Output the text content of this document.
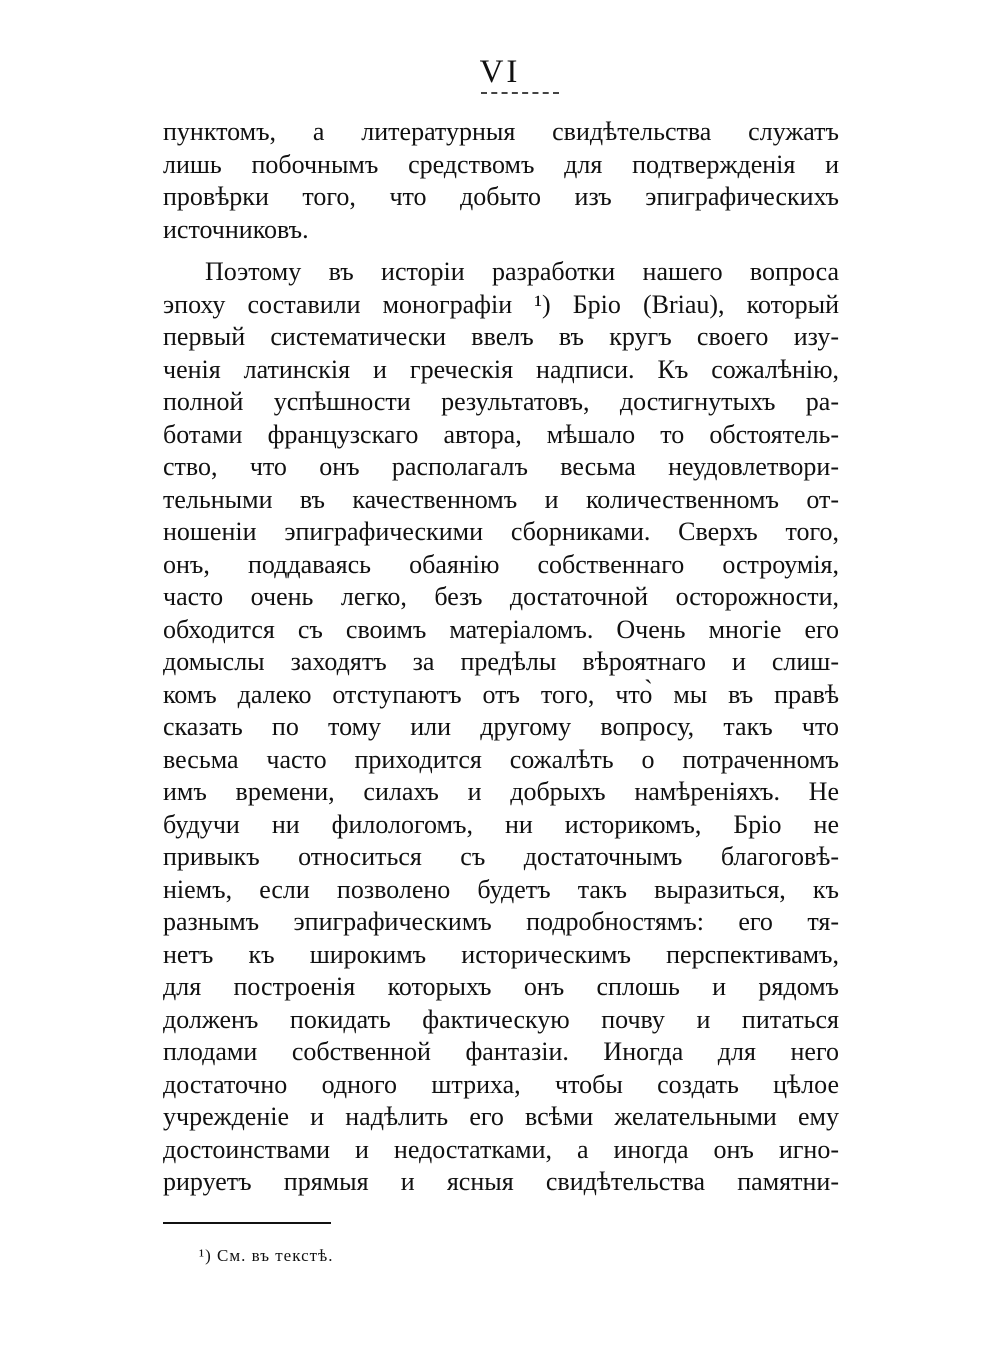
VI
пунктомъ, а литературныя свидѣтельства служатъ
лишь побочнымъ средствомъ для подтвержденія и
провѣрки того, что добыто изъ эпиграфическихъ
источниковъ.
Поэтому въ исторіи разработки нашего вопроса
эпоху составили монографіи ¹) Бріо (Briau), который
первый систематически ввелъ въ кругъ своего изу-
ченія латинскія и греческія надписи. Къ сожалѣнію,
полной успѣшности результатовъ, достигнутыхъ ра-
ботами французскаго автора, мѣшало то обстоятель-
ство, что онъ располагалъ весьма неудовлетвори-
тельными въ качественномъ и количественномъ от-
ношеніи эпиграфическими сборниками. Сверхъ того,
онъ, поддаваясь обаянію собственнаго остроумія,
часто очень легко, безъ достаточной осторожности,
обходится съ своимъ матеріаломъ. Очень многіе его
домыслы заходятъ за предѣлы вѣроятнаго и слиш-
комъ далеко отступаютъ отъ того, что̀ мы въ правѣ
сказать по тому или другому вопросу, такъ что
весьма часто приходится сожалѣть о потраченномъ
имъ времени, силахъ и добрыхъ намѣреніяхъ. Не
будучи ни филологомъ, ни историкомъ, Бріо не
привыкъ относиться съ достаточнымъ благоговѣ-
ніемъ, если позволено будетъ такъ выразиться, къ
разнымъ эпиграфическимъ подробностямъ: его тя-
нетъ къ широкимъ историческимъ перспективамъ,
для построенія которыхъ онъ сплошь и рядомъ
долженъ покидать фактическую почву и питаться
плодами собственной фантазіи. Иногда для него
достаточно одного штриха, чтобы создать цѣлое
учрежденіе и надѣлить его всѣми желательными ему
достоинствами и недостатками, а иногда онъ игно-
рируетъ прямыя и ясныя свидѣтельства памятни-
¹) См. въ текстѣ.
